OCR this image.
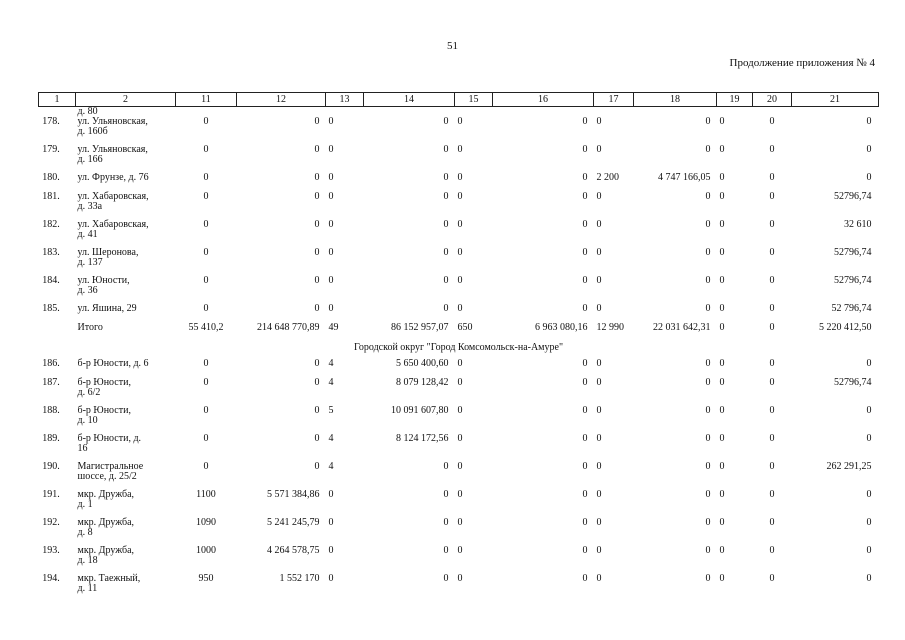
51
Продолжение приложения № 4
1	2	11	12	13	14	15	16	17	18	19	20	21
	д. 80											
178.	ул. Ульяновская,
д. 160б	0	0	0	0	0	0	0	0	0	0	0
179.	ул. Ульяновская,
д. 166	0	0	0	0	0	0	0	0	0	0	0
180.	ул. Фрунзе, д. 76	0	0	0	0	0	0	2 200	4 747 166,05	0	0	0
181.	ул. Хабаровская,
д. 33а	0	0	0	0	0	0	0	0	0	0	52796,74
182.	ул. Хабаровская,
д. 41	0	0	0	0	0	0	0	0	0	0	32 610
183.	ул. Шеронова,
д. 137	0	0	0	0	0	0	0	0	0	0	52796,74
184.	ул. Юности,
д. 36	0	0	0	0	0	0	0	0	0	0	52796,74
185.	ул. Яшина, 29	0	0	0	0	0	0	0	0	0	0	52 796,74

	Итого	55 410,2	214 648 770,89	49	86 152 957,07	650	6 963 080,16	12 990	22 031 642,31	0	0	5 220 412,50
Городской округ "Город Комсомольск-на-Амуре"												
186.	б-р Юности, д. 6	0	0	4	5 650 400,60	0	0	0	0	0	0	0
187.	б-р Юности,
д. 6/2	0	0	4	8 079 128,42	0	0	0	0	0	0	52796,74
188.	б-р Юности,
д. 10	0	0	5	10 091 607,80	0	0	0	0	0	0	0
189.	б-р Юности, д.
16	0	0	4	8 124 172,56	0	0	0	0	0	0	0
190.	Магистральное
шоссе, д. 25/2	0	0	4	0	0	0	0	0	0	0	262 291,25
191.	мкр. Дружба,
д. 1	1100	5 571 384,86	0	0	0	0	0	0	0	0	0
192.	мкр. Дружба,
д. 8	1090	5 241 245,79	0	0	0	0	0	0	0	0	0
193.	мкр. Дружба,
д. 18	1000	4 264 578,75	0	0	0	0	0	0	0	0	0
194.	мкр. Таежный,
д. 11	950	1 552 170	0	0	0	0	0	0	0	0	0
